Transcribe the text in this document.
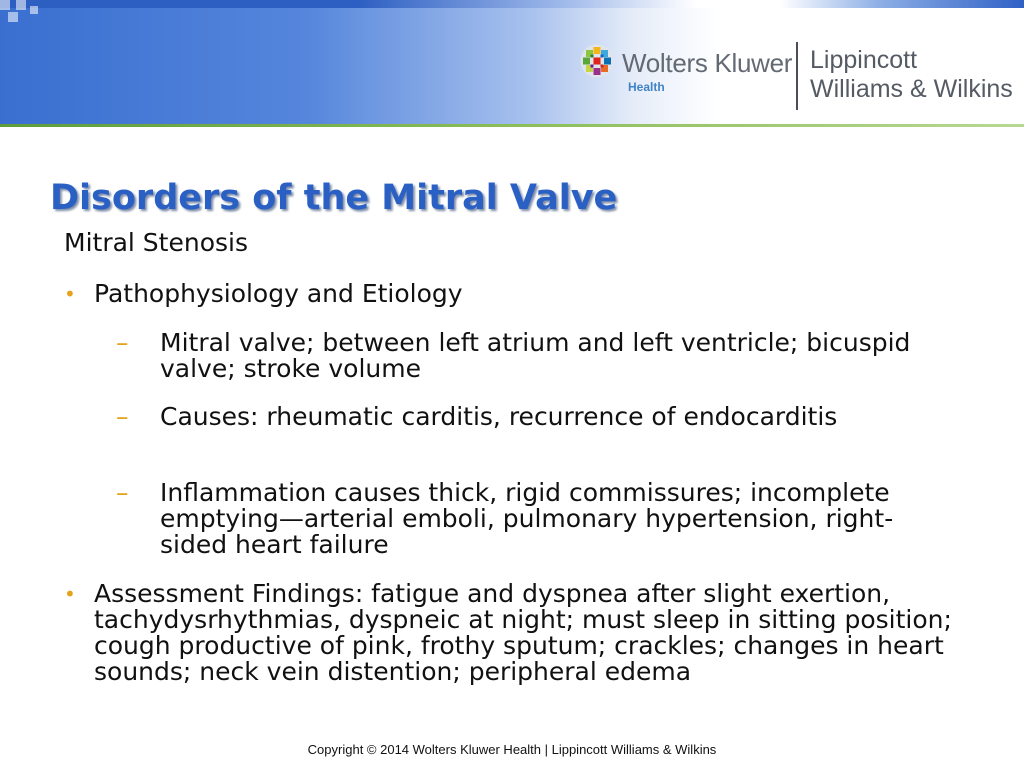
Wolters Kluwer
Health
Lippincott
Williams & Wilkins
Disorders of the Mitral Valve
Mitral Stenosis
• Pathophysiology and Etiology
– Mitral valve; between left atrium and left ventricle; bicuspid valve; stroke volume
– Causes: rheumatic carditis, recurrence of endocarditis
– Inflammation causes thick, rigid commissures; incomplete emptying—arterial emboli, pulmonary hypertension, right-sided heart failure
• Assessment Findings: fatigue and dyspnea after slight exertion, tachydysrhythmias, dyspneic at night; must sleep in sitting position; cough productive of pink, frothy sputum; crackles; changes in heart sounds; neck vein distention; peripheral edema
Copyright © 2014 Wolters Kluwer Health | Lippincott Williams & Wilkins
